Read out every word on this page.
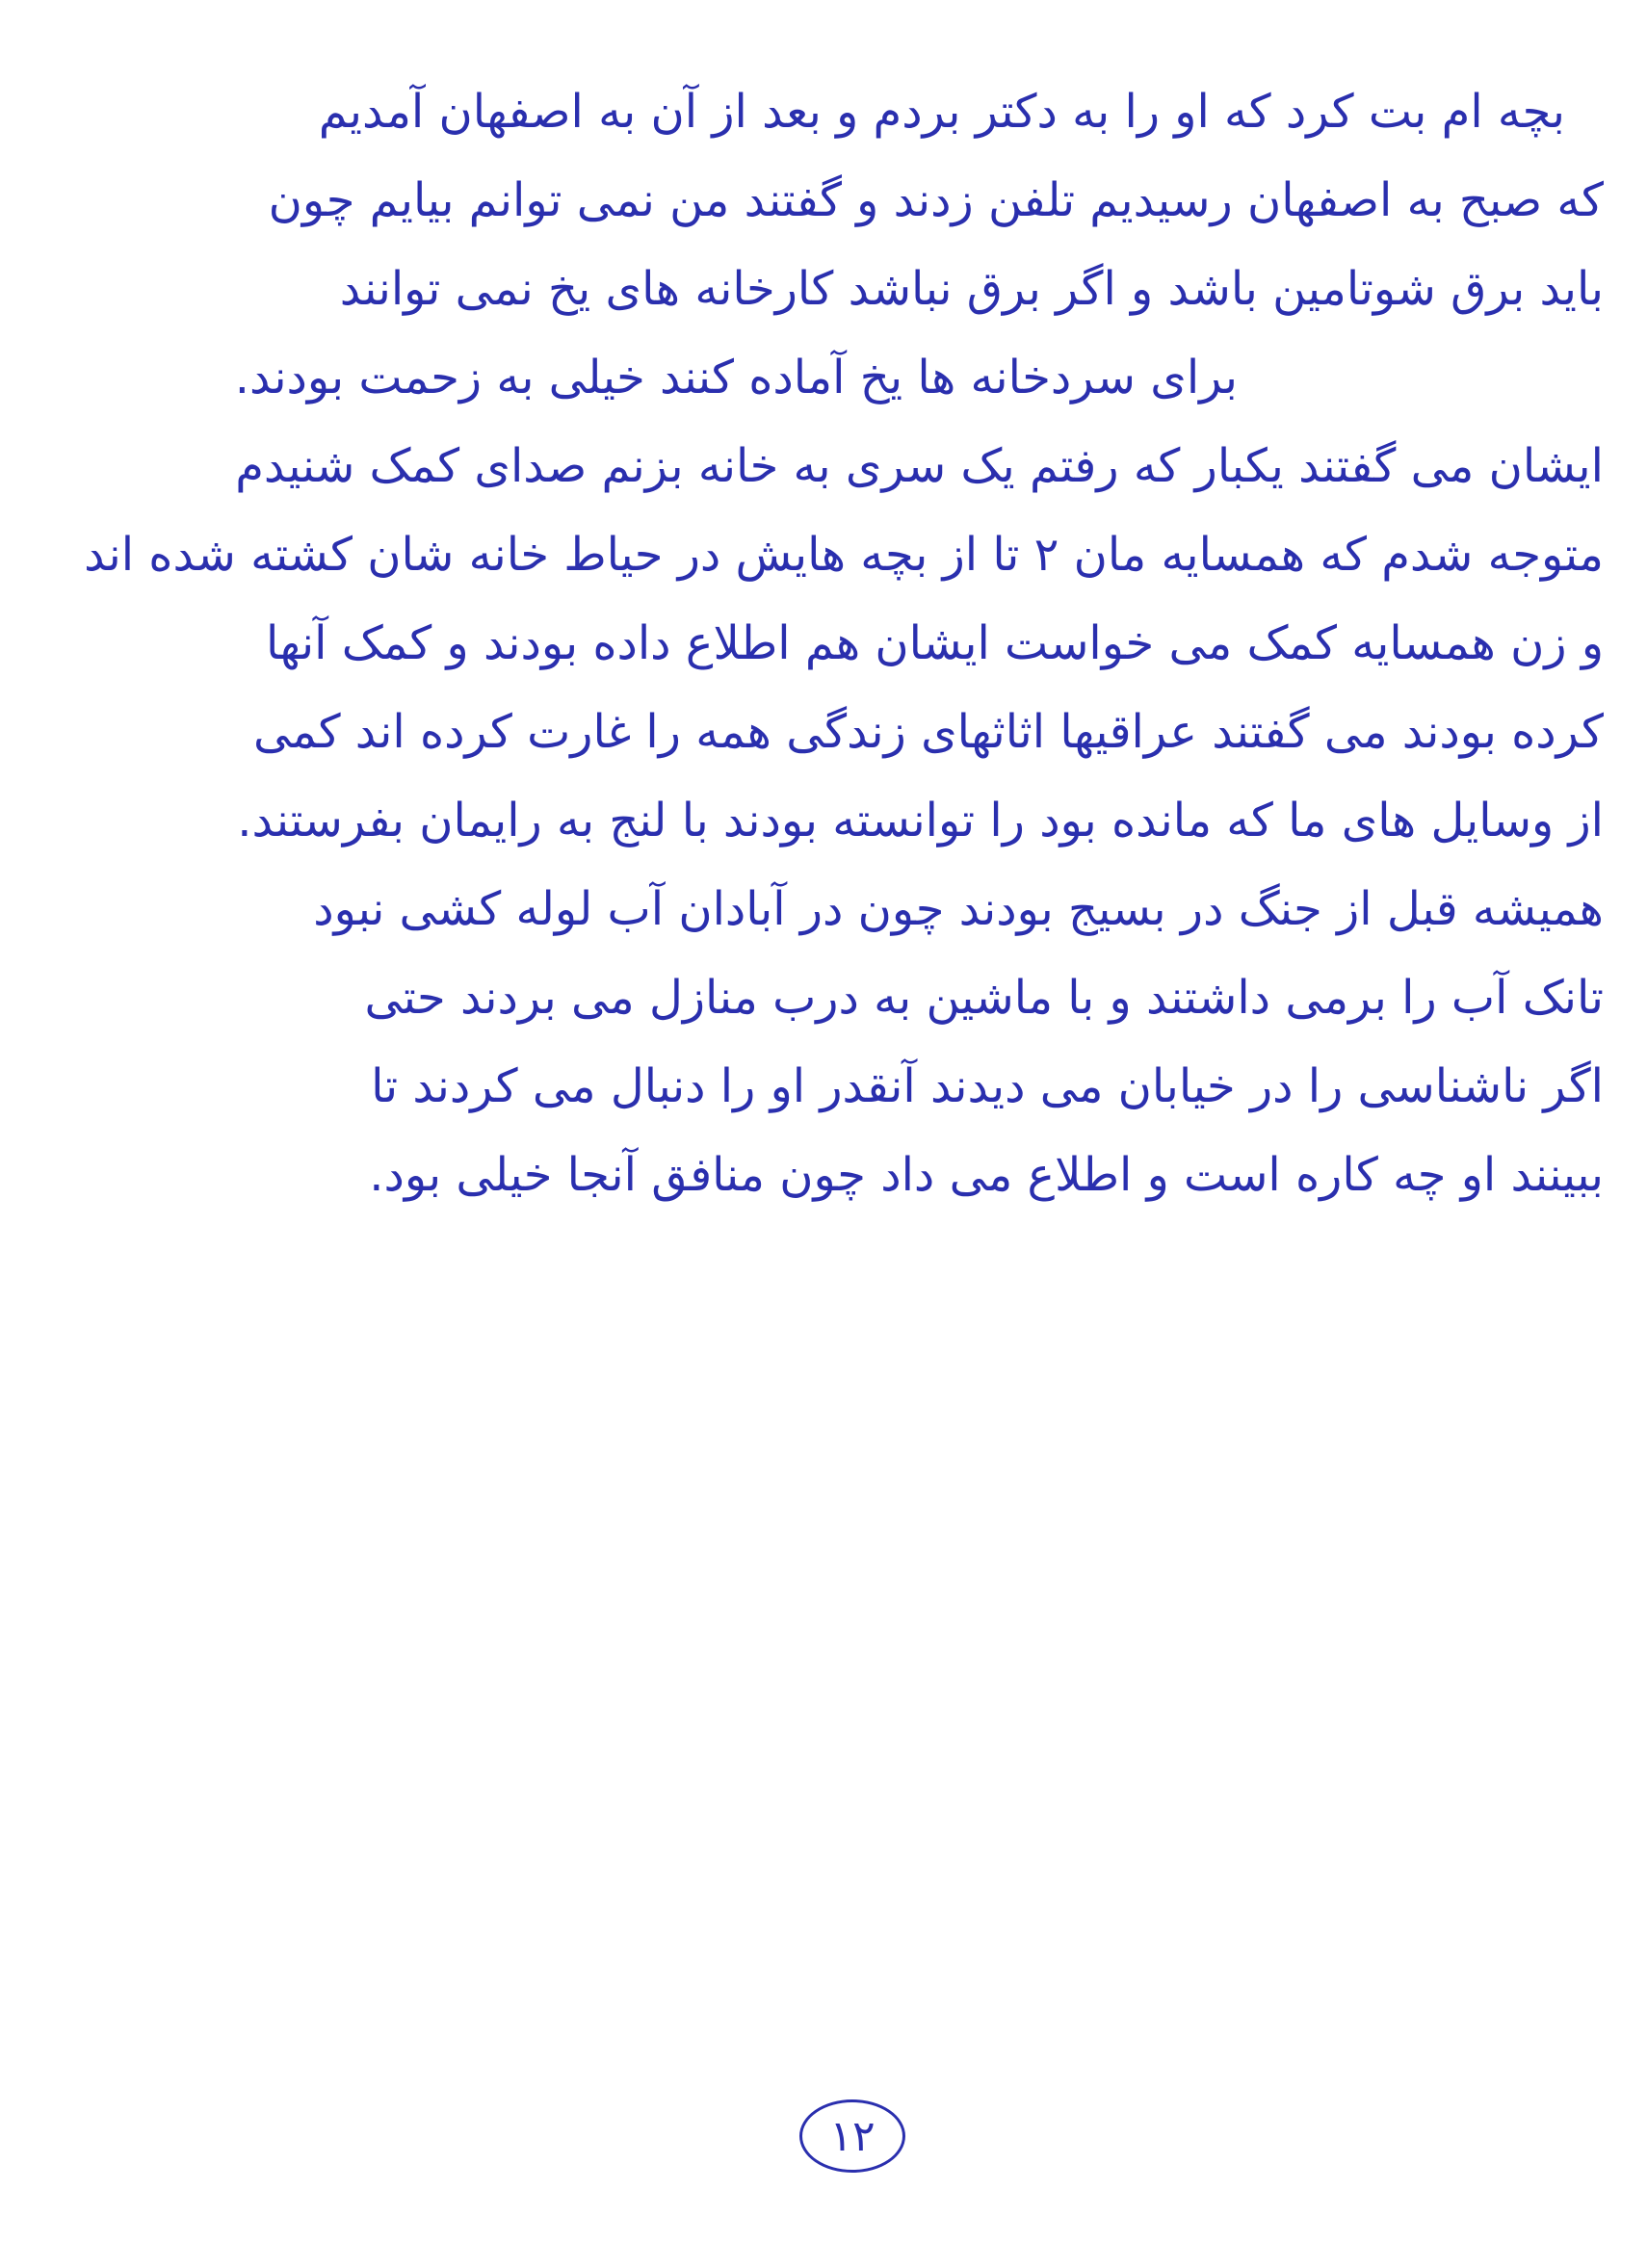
بچه ام بت کرد که او را به دکتر بردم و بعد از آن به اصفهان آمدیم
که صبح به اصفهان رسیدیم تلفن زدند و گفتند من نمی توانم بیایم چون
باید برق شوتامین باشد و اگر برق نباشد کارخانه های یخ نمی توانند
برای سردخانه ها یخ آماده کنند خیلی به زحمت بودند.
ایشان می گفتند یکبار که رفتم یک سری به خانه بزنم صدای کمک شنیدم
متوجه شدم که همسایه مان ۲ تا از بچه هایش در حیاط خانه شان کشته شده اند
و زن همسایه کمک می خواست ایشان هم اطلاع داده بودند و کمک آنها
کرده بودند می گفتند عراقیها اثاثهای زندگی همه را غارت کرده اند کمی
از وسایل های ما که مانده بود را توانسته بودند با لنج به رایمان بفرستند.
همیشه قبل از جنگ در بسیج بودند چون در آبادان آب لوله کشی نبود
تانک آب را برمی داشتند و با ماشین به درب منازل می بردند حتی
اگر ناشناسی را در خیابان می دیدند آنقدر او را دنبال می کردند تا
ببینند او چه کاره است و اطلاع می داد چون منافق آنجا خیلی بود.
۱۲
